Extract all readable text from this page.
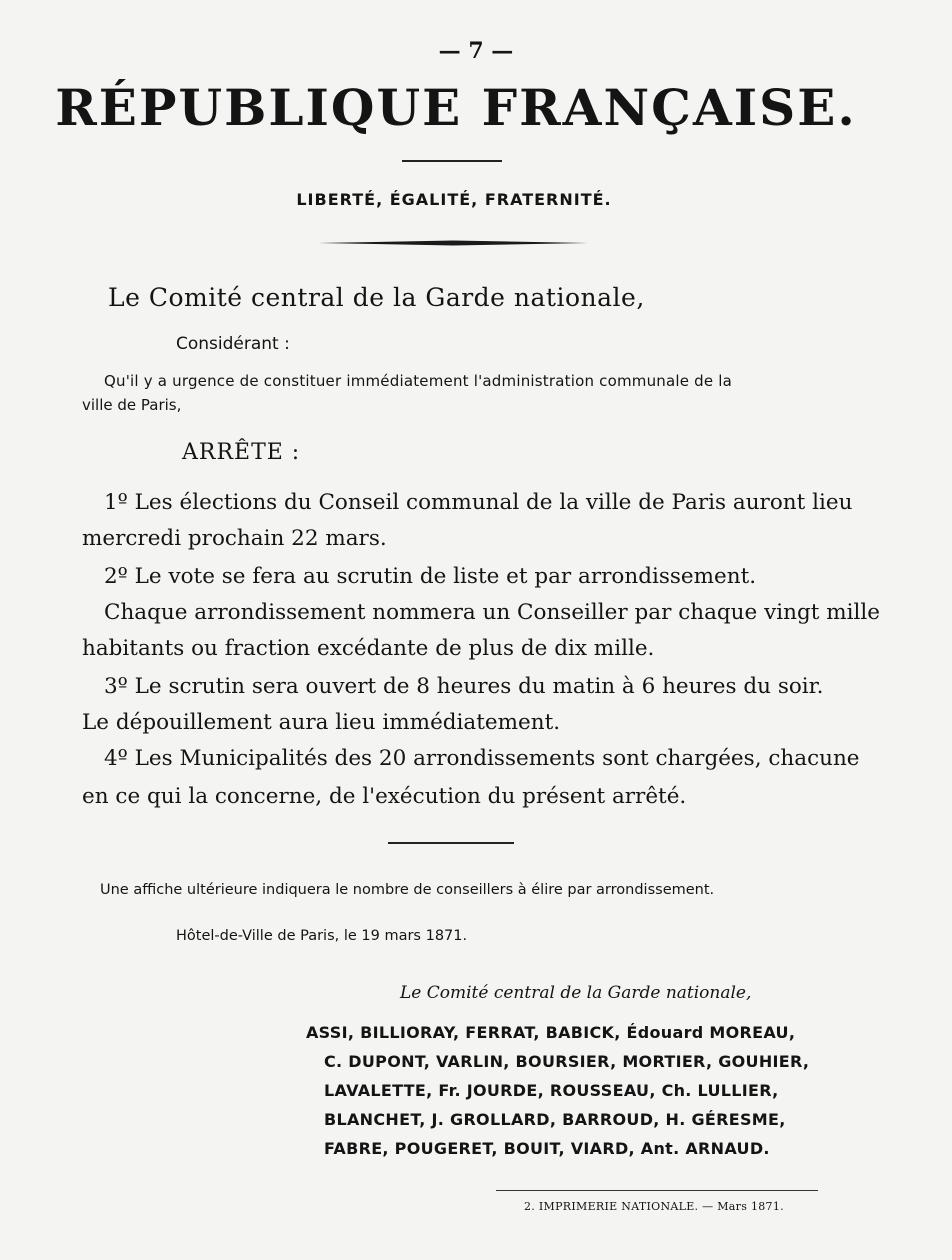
— 7 —
RÉPUBLIQUE FRANÇAISE.
LIBERTÉ, ÉGALITÉ, FRATERNITÉ.
Le Comité central de la Garde nationale,
Considérant :
Qu'il y a urgence de constituer immédiatement l'administration communale de la
ville de Paris,
ARRÊTE :
1º Les élections du Conseil communal de la ville de Paris auront lieu
mercredi prochain 22 mars.
2º Le vote se fera au scrutin de liste et par arrondissement.
Chaque arrondissement nommera un Conseiller par chaque vingt mille
habitants ou fraction excédante de plus de dix mille.
3º Le scrutin sera ouvert de 8 heures du matin à 6 heures du soir.
Le dépouillement aura lieu immédiatement.
4º Les Municipalités des 20 arrondissements sont chargées, chacune
en ce qui la concerne, de l'exécution du présent arrêté.
Une affiche ultérieure indiquera le nombre de conseillers à élire par arrondissement.
Hôtel-de-Ville de Paris, le 19 mars 1871.
Le Comité central de la Garde nationale,
ASSI, BILLIORAY, FERRAT, BABICK, Édouard MOREAU,
C. DUPONT, VARLIN, BOURSIER, MORTIER, GOUHIER,
LAVALETTE, Fr. JOURDE, ROUSSEAU, Ch. LULLIER,
BLANCHET, J. GROLLARD, BARROUD, H. GÉRESME,
FABRE, POUGERET, BOUIT, VIARD, Ant. ARNAUD.
2. IMPRIMERIE NATIONALE. — Mars 1871.
